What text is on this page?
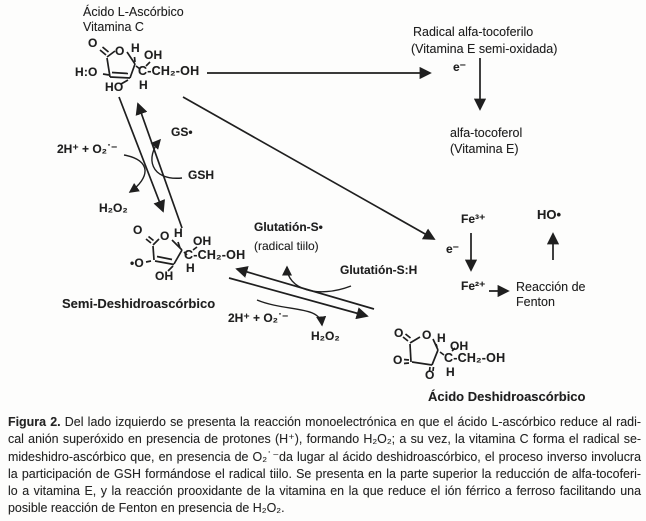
Ácido L-Ascórbico
Vitamina C
O
O H OH
H:O
HO
C-CH₂-OH
H
GS•
GSH
2H⁺ + O₂˙⁻
H₂O₂
O O H
OH
•O
OH
C-CH₂-OH
H
Semi-Deshidroascórbico
Glutatión-S•
(radical tiilo)
Glutatión-S:H
2H⁺ + O₂˙⁻
H₂O₂
Radical alfa-tocoferilo
(Vitamina E semi-oxidada)
e⁻
alfa-tocoferol
(Vitamina E)
Fe³⁺
e⁻
Fe²⁺ Reacción de
Fenton
HO•
O O H
OH
O
O
C-CH₂-OH
H
Ácido Deshidroascórbico
Figura 2. Del lado izquierdo se presenta la reacción monoelectrónica en que el ácido L-ascórbico reduce al radi-
cal anión superóxido en presencia de protones (H⁺), formando H₂O₂; a su vez, la vitamina C forma el radical se-
mideshidro-ascórbico que, en presencia de O₂˙⁻da lugar al ácido deshidroascórbico, el proceso inverso involucra
la participación de GSH formándose el radical tiilo. Se presenta en la parte superior la reducción de alfa-tocoferi-
lo a vitamina E, y la reacción prooxidante de la vitamina en la que reduce el ión férrico a ferroso facilitando una
posible reacción de Fenton en presencia de H₂O₂.
